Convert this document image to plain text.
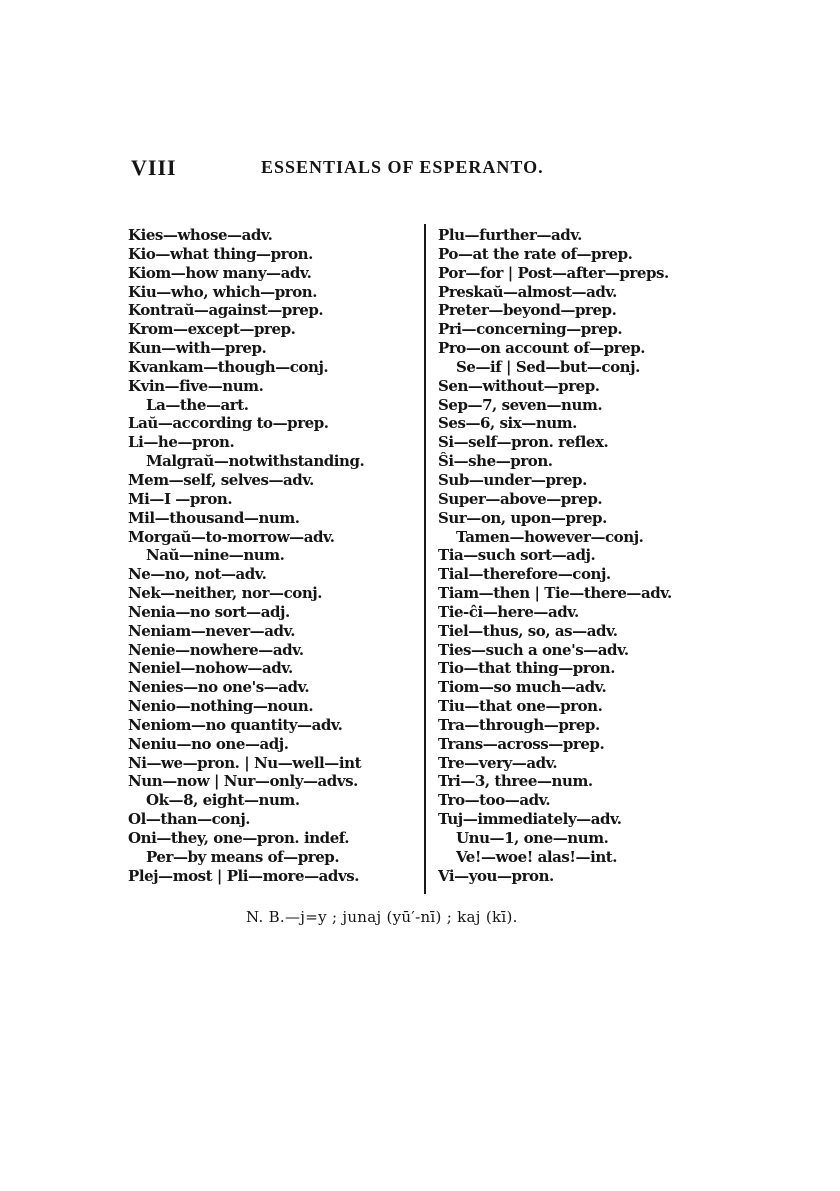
VIII	ESSENTIALS OF ESPERANTO.
Kies—whose—adv.
Kio—what thing—pron.
Kiom—how many—adv.
Kiu—who, which—pron.
Kontraŭ—against—prep.
Krom—except—prep.
Kun—with—prep.
Kvankam—though—conj.
Kvin—five—num.
La—the—art.
Laŭ—according to—prep.
Li—he—pron.
Malgraŭ—notwithstanding.
Mem—self, selves—adv.
Mi—I —pron.
Mil—thousand—num.
Morgaŭ—to-morrow—adv.
Naŭ—nine—num.
Ne—no, not—adv.
Nek—neither, nor—conj.
Nenia—no sort—adj.
Neniam—never—adv.
Nenie—nowhere—adv.
Neniel—nohow—adv.
Nenies—no one's—adv.
Nenio—nothing—noun.
Neniom—no quantity—adv.
Neniu—no one—adj.
Ni—we—pron. | Nu—well—int
Nun—now | Nur—only—advs.
Ok—8, eight—num.
Ol—than—conj.
Oni—they, one—pron. indef.
Per—by means of—prep.
Plej—most | Pli—more—advs.
Plu—further—adv.
Po—at the rate of—prep.
Por—for | Post—after—preps.
Preskaŭ—almost—adv.
Preter—beyond—prep.
Pri—concerning—prep.
Pro—on account of—prep.
Se—if | Sed—but—conj.
Sen—without—prep.
Sep—7, seven—num.
Ses—6, six—num.
Si—self—pron. reflex.
Ŝi—she—pron.
Sub—under—prep.
Super—above—prep.
Sur—on, upon—prep.
Tamen—however—conj.
Tia—such sort—adj.
Tial—therefore—conj.
Tiam—then | Tie—there—adv.
Tie-ĉi—here—adv.
Tiel—thus, so, as—adv.
Ties—such a one's—adv.
Tio—that thing—pron.
Tiom—so much—adv.
Tiu—that one—pron.
Tra—through—prep.
Trans—across—prep.
Tre—very—adv.
Tri—3, three—num.
Tro—too—adv.
Tuj—immediately—adv.
Unu—1, one—num.
Ve!—woe! alas!—int.
Vi—you—pron.
N. B.—j=y ; junaj (yū′-nī) ; kaj (kī).
